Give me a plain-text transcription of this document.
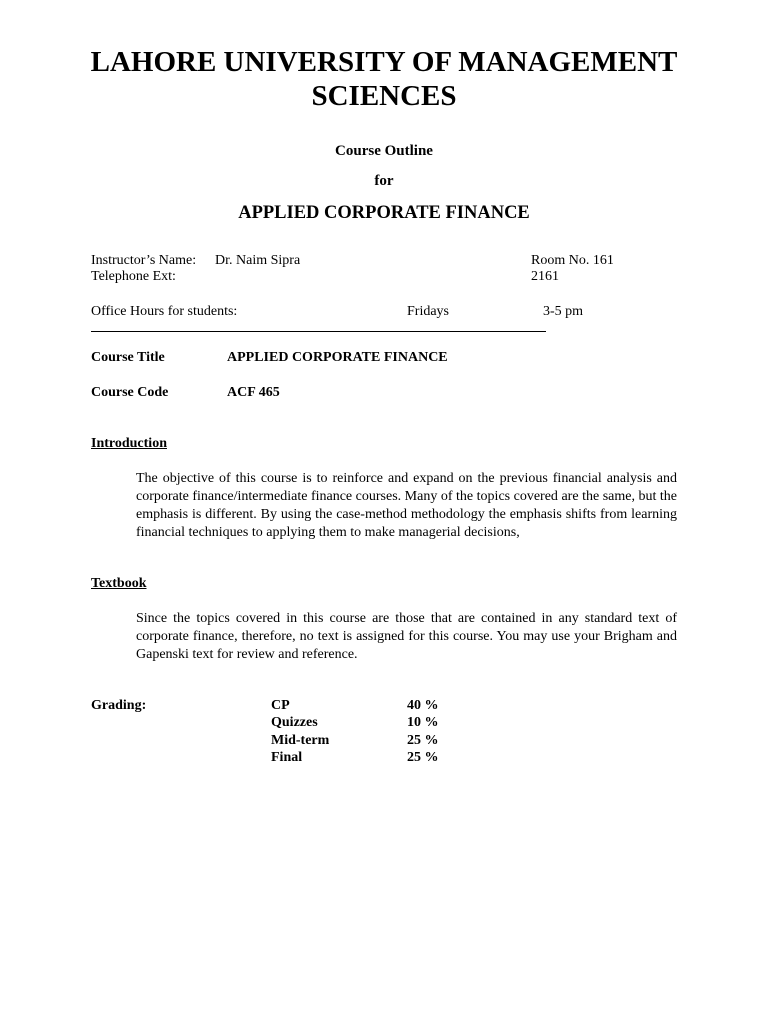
LAHORE UNIVERSITY OF MANAGEMENT
SCIENCES
Course Outline
for
APPLIED CORPORATE FINANCE
Instructor’s Name: Dr. Naim Sipra	Room No. 161
Telephone Ext:	2161
Office Hours for students:	Fridays	3-5 pm
Course Title	APPLIED CORPORATE FINANCE
Course Code	ACF 465
Introduction
The objective of this course is to reinforce and expand on the previous financial analysis and corporate finance/intermediate finance courses. Many of the topics covered are the same, but the emphasis is different. By using the case-method methodology the emphasis shifts from learning financial techniques to applying them to make managerial decisions,
Textbook
Since the topics covered in this course are those that are contained in any standard text of corporate finance, therefore, no text is assigned for this course. You may use your Brigham and Gapenski text for review and reference.
Grading:	CP	40 %
Quizzes	10 %
Mid-term	25 %
Final	25 %
